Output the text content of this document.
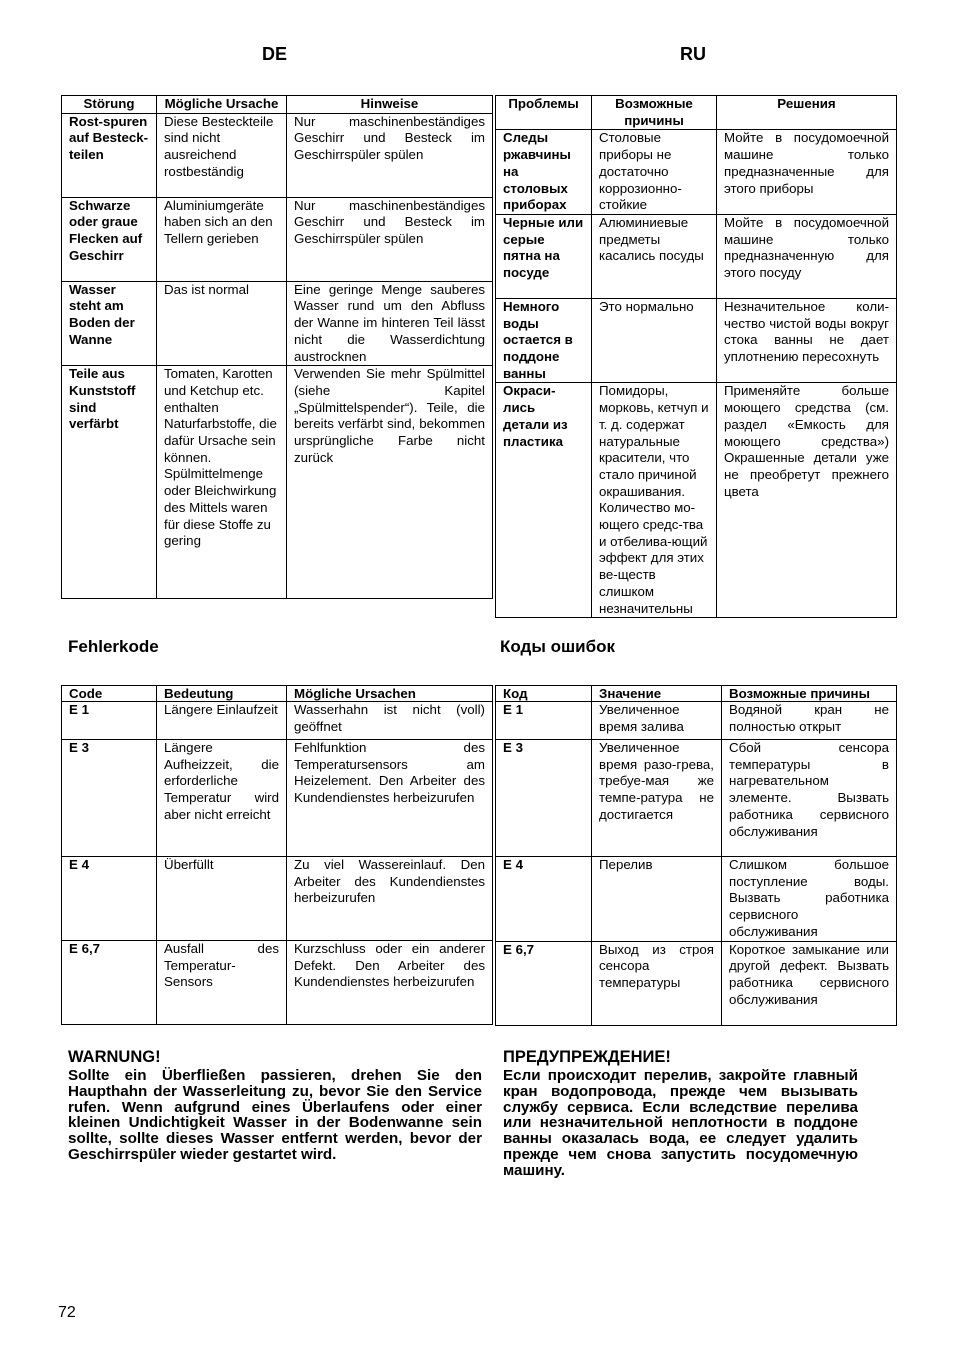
DE	RU
Störung	Mögliche Ursache	Hinweise
Rost-spuren auf Besteck-teilen	Diese Besteckteile sind nicht ausreichend rostbeständig	Nur maschinenbeständiges Geschirr und Besteck im Geschirrspüler spülen
Schwarze oder graue Flecken auf Geschirr	Aluminiumgeräte haben sich an den Tellern gerieben	Nur maschinenbeständiges Geschirr und Besteck im Geschirrspüler spülen
Wasser steht am Boden der Wanne	Das ist normal	Eine geringe Menge sauberes Wasser rund um den Abfluss der Wanne im hinteren Teil lässt nicht die Wasserdichtung austrocknen
Teile aus Kunststoff sind verfärbt	Tomaten, Karotten und Ketchup etc. enthalten Naturfarbstoffe, die dafür Ursache sein können. Spülmittelmenge oder Bleichwirkung des Mittels waren für diese Stoffe zu gering	Verwenden Sie mehr Spülmittel (siehe Kapitel „Spülmittelspender“). Teile, die bereits verfärbt sind, bekommen ursprüngliche Farbe nicht zurück
Проблемы	Возможные причины	Решения
Следы ржавчины на столовых приборах	Столовые приборы не достаточно коррозионно-стойкие	Мойте в посудомоечной машине только предназначенные для этого приборы
Черные или серые пятна на посуде	Алюминиевые предметы касались посуды	Мойте в посудомоечной машине только предназначенную для этого посуду
Немного воды остается в поддоне ванны	Это нормально	Незначительное коли-чество чистой воды вокруг стока ванны не дает уплотнению пересохнуть
Окраси-лись детали из пластика	Помидоры, морковь, кетчуп и т. д. содержат натуральные красители, что стало причиной окрашивания. Количество мо-ющего средс-тва и отбелива-ющий эффект для этих ве-ществ слишком незначительны	Применяйте больше моющего средства (см. раздел «Емкость для моющего средства») Окрашенные детали уже не преобретут прежнего цвета
Fehlerkode	Коды ошибок
Code	Bedeutung	Mögliche Ursachen
E 1	Längere Einlaufzeit	Wasserhahn ist nicht (voll) geöffnet
E 3	Längere Aufheizzeit, die erforderliche Temperatur wird aber nicht erreicht	Fehlfunktion des Temperatursensors am Heizelement. Den Arbeiter des Kundendienstes herbeizurufen
E 4	Überfüllt	Zu viel Wassereinlauf. Den Arbeiter des Kundendienstes herbeizurufen
E 6,7	Ausfall des Temperatur-Sensors	Kurzschluss oder ein anderer Defekt. Den Arbeiter des Kundendienstes herbeizurufen
Код	Значение	Возможные причины
E 1	Увеличенное время залива	Водяной кран не полностью открыт
E 3	Увеличенное время разо-грева, требуе-мая же темпе-ратура не достигается	Сбой сенсора температуры в нагревательном элементе. Вызвать работника сервисного обслуживания
E 4	Перелив	Слишком большое поступление воды. Вызвать работника сервисного обслуживания
E 6,7	Выход из строя сенсора температуры	Короткое замыкание или другой дефект. Вызвать работника сервисного обслуживания
WARNUNG!
Sollte ein Überfließen passieren, drehen Sie den Haupthahn der Wasserleitung zu, bevor Sie den Service rufen. Wenn aufgrund eines Überlaufens oder einer kleinen Undichtigkeit Wasser in der Bodenwanne sein sollte, sollte dieses Wasser entfernt werden, bevor der Geschirrspüler wieder gestartet wird.
ПРЕДУПРЕЖДЕНИЕ!
Если происходит перелив, закройте главный кран водопровода, прежде чем вызывать службу сервиса. Если вследствие перелива или незначительной неплотности в поддоне ванны оказалась вода, ее следует удалить прежде чем снова запустить посудомечную машину.
72
